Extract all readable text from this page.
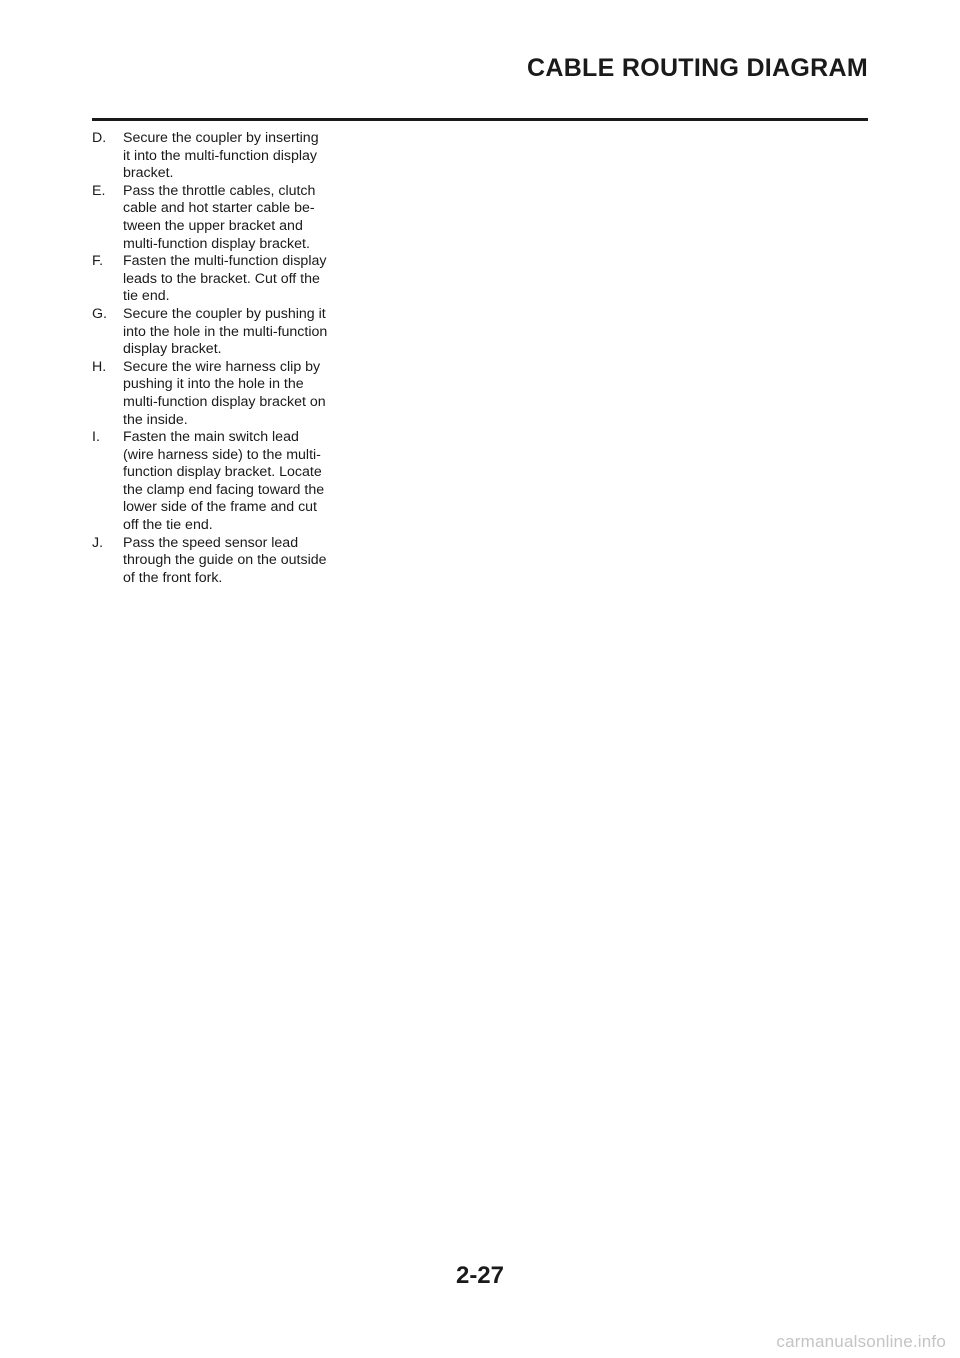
CABLE ROUTING DIAGRAM
D.	Secure the coupler by inserting
it into the multi-function display
bracket.
E.	Pass the throttle cables, clutch
cable and hot starter cable be-
tween the upper bracket and
multi-function display bracket.
F.	Fasten the multi-function display
leads to the bracket. Cut off the
tie end.
G.	Secure the coupler by pushing it
into the hole in the multi-function
display bracket.
H.	Secure the wire harness clip by
pushing it into the hole in the
multi-function display bracket on
the inside.
I.	Fasten the main switch lead
(wire harness side) to the multi-
function display bracket. Locate
the clamp end facing toward the
lower side of the frame and cut
off the tie end.
J.	Pass the speed sensor lead
through the guide on the outside
of the front fork.
2-27
carmanualsonline.info
